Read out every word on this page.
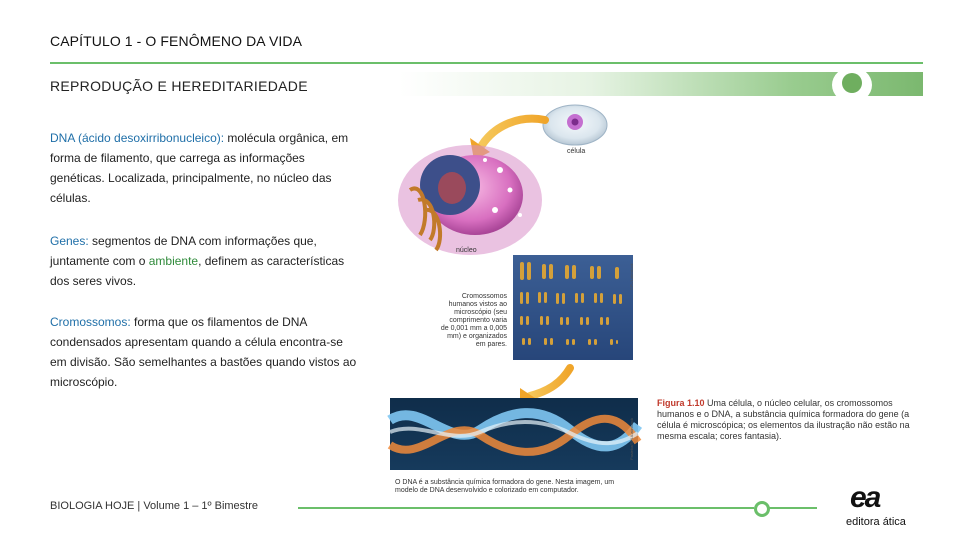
CAPÍTULO 1 - O FENÔMENO DA VIDA
REPRODUÇÃO E HEREDITARIEDADE
DNA (ácido desoxirribonucleico): molécula orgânica, em forma de filamento, que carrega as informações genéticas. Localizada, principalmente, no núcleo das células.
Genes: segmentos de DNA com informações que, juntamente com o ambiente, definem as características dos seres vivos.
Cromossomos: forma que os filamentos de DNA condensados apresentam quando a célula encontra-se em divisão. São semelhantes a bastões quando vistos ao microscópio.
célula
núcleo
SPL/Latinstock
Pasieka/SPL/Latinstock
Cromossomos humanos vistos ao microscópio (seu comprimento varia de 0,001 mm a 0,005 mm) e organizados em pares.
O DNA é a substância química formadora do gene. Nesta imagem, um modelo de DNA desenvolvido e colorizado em computador.
Figura 1.10 Uma célula, o núcleo celular, os cromossomos humanos e o DNA, a substância química formadora do gene (a célula é microscópica; os elementos da ilustração não estão na mesma escala; cores fantasia).
BIOLOGIA HOJE | Volume 1 – 1º Bimestre	ea
editora ática
